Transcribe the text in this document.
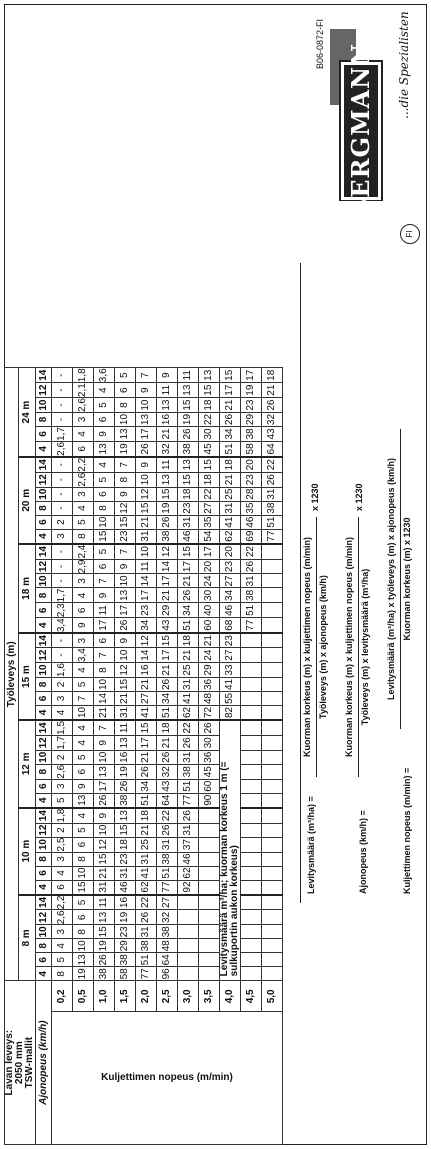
Lavan leveys: 2050 mm TSW-mallit		Työleveys (m)																																									
		8 m						10 m						12 m						15 m						18 m						20 m						24 m					
Ajonopeus (km/h)		4	6	8	10	12	14	4	6	8	10	12	14	4	6	8	10	12	14	4	6	8	10	12	14	4	6	8	10	12	14	4	6	8	10	12	14	4	6	8	10	12	14

Kuljettimen nopeus (m/min)	0,2	8	5	4	3	2,6	2,2	6	4	3	2,5	2	1,8	5	3	2,6	2	1,7	1,5	4	3	2	1,6	-	-	3,4	2,3	1,7	-	-	-	3	2	-	-	-	-	2,6	1,7	-	-	-	-
	0,5	19	13	10	8	6	5	15	10	8	6	5	4	13	9	6	5	4	4	10	7	5	4	3,4	3	9	6	4	3	2,9	2,4	8	5	4	3	2,6	2,2	6	4	3	2,6	2,1	1,8
	1,0	38	26	19	15	13	11	31	21	15	12	10	9	26	17	13	10	9	7	21	14	10	8	7	6	17	11	9	7	6	5	15	10	8	6	5	4	13	9	6	5	4	3,6
	1,5	58	38	29	23	19	16	46	31	23	18	15	13	38	26	19	16	13	11	31	21	15	12	10	9	26	17	13	10	9	7	23	15	12	9	8	7	19	13	10	8	6	5
	2,0	77	51	38	31	26	22	62	41	31	25	21	18	51	34	26	21	17	15	41	27	21	16	14	12	34	23	17	14	11	10	31	21	15	12	10	9	26	17	13	10	9	7
	2,5	96	64	48	38	32	27	77	51	38	31	26	22	64	43	32	26	21	18	51	34	26	21	17	15	43	29	21	17	14	12	38	26	19	15	13	11	32	21	16	13	11	9
	3,0							92	62	46	37	31	26	77	51	38	31	26	22	62	41	31	25	21	18	51	34	26	21	17	15	46	31	23	18	15	13	38	26	19	15	13	11
	3,5													90	60	45	36	30	26	72	48	36	29	24	21	60	40	30	24	20	17	54	35	27	22	18	15	45	30	22	18	15	13
	4,0	Levitysmäärä m³/ha; kuorman korkeus 1 m (= sulkuportin aukon korkeus)																		82	55	41	33	27	23	68	46	34	27	23	20	62	41	31	25	21	18	51	34	26	21	17	15
	4,5																									77	51	38	31	26	22	69	46	35	28	23	20	58	38	29	23	19	17
	5,0																															77	51	38	31	26	22	64	43	32	26	21	18
Levitysmäärä (m³/ha) =
Kuorman korkeus (m) x kuljettimen nopeus (m/min) Työleveys (m) x ajonopeus (km/h)
x 1230
Ajonopeus (km/h) =
Kuorman korkeus (m) x kuljettimen nopeus (m/min) Työleveys (m) x levitysmäärä (m³/ha)
x 1230
Kuljettimen nopeus (m/min) =
Levitysmäärä (m³/ha) x työleveys (m) x ajonopeus (km/h) Kuorman korkeus (m) x 1230
BERGMANN ...die Spezialisten
B06-0872-FI
FI
